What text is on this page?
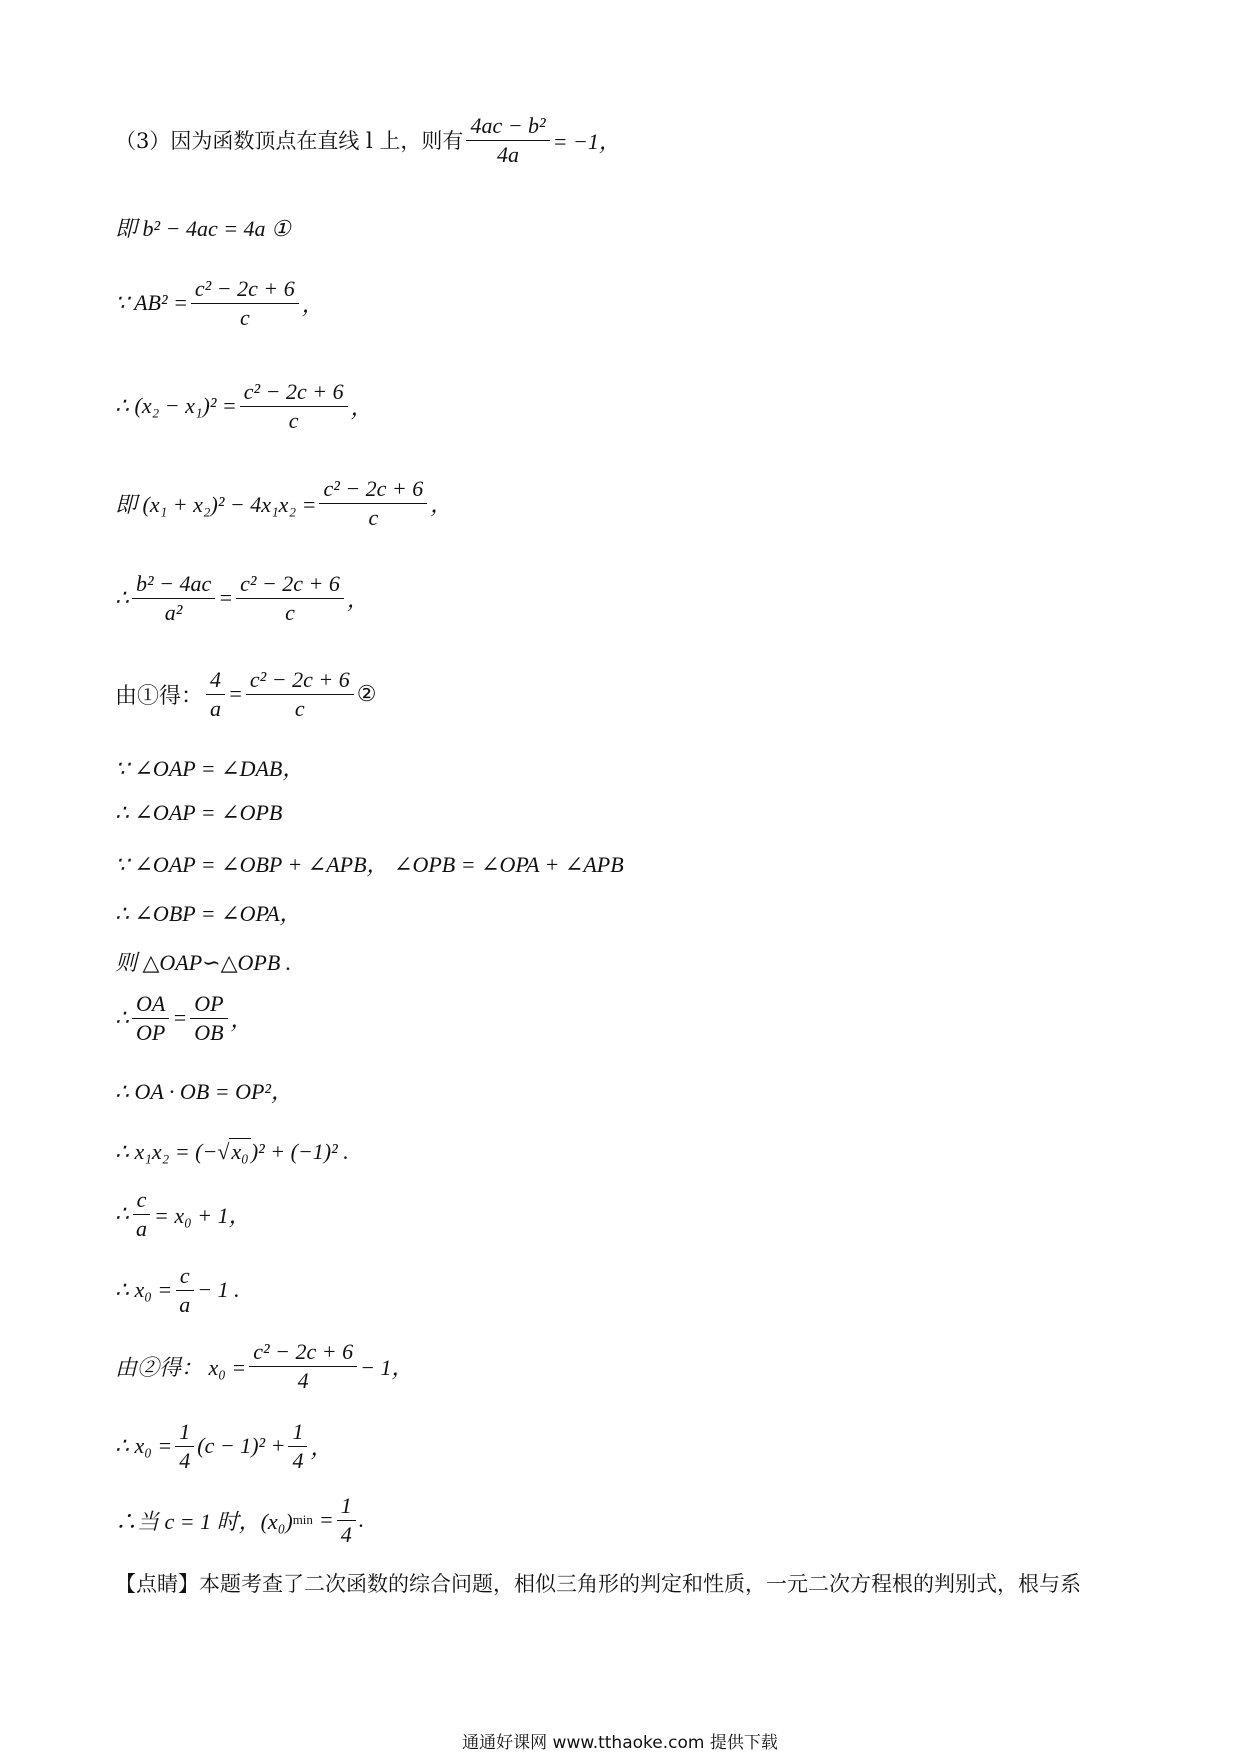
（3）因为函数顶点在直线 l 上，则有 $\frac{\text{4ac − b²}}{4a} = -1$，
即 b² − 4ac = 4a ①
∵ $AB^2 = \frac{\text{c² − 2c + 6}}{c}$ ，
∴ $(x_2 - x_1)^2 = \frac{\text{c² − 2c + 6}}{c}$ ，
即 $(x_1 + x_2)^2 - 4x_1x_2 = \frac{\text{c² − 2c + 6}}{c}$ ，
∴ $\frac{\text{b² − 4ac}}{\text{a²}} = \frac{\text{c² − 2c + 6}}{c}$ ，
由①得： $\frac{4}{a} = \frac{\text{c² − 2c + 6}}{c}$ ②
∵ ∠OAP = ∠DAB，
∴ ∠OAP = ∠OPB
∵ ∠OAP = ∠OBP + ∠APB， ∠OPB = ∠OPA + ∠APB
∴ ∠OBP = ∠OPA，
则 △OAP∽△OPB .
∴ $\frac{OA}{OP} = \frac{OP}{OB}$ ，
∴ OA · OB = OP²，
∴ x₁x₂ = (− √ x₀ )² + (−1)² .
∴ $\frac{c}{a} = x_0 + 1$，
∴ $x_0 = \frac{c}{a} - 1$ .
由②得： $x_0 = \frac{\text{c² − 2c + 6}}{4} - 1$，
∴ $x_0 = \frac{1}{4} (c - 1)^2 + \frac{1}{4}$ ，
∴当 c = 1 时，(x₀) $\min = \frac{1}{4}$ .
【点睛】本题考查了二次函数的综合问题，相似三角形的判定和性质，一元二次方程根的判别式，根与系
通通好课网 www.tthaoke.com 提供下载
